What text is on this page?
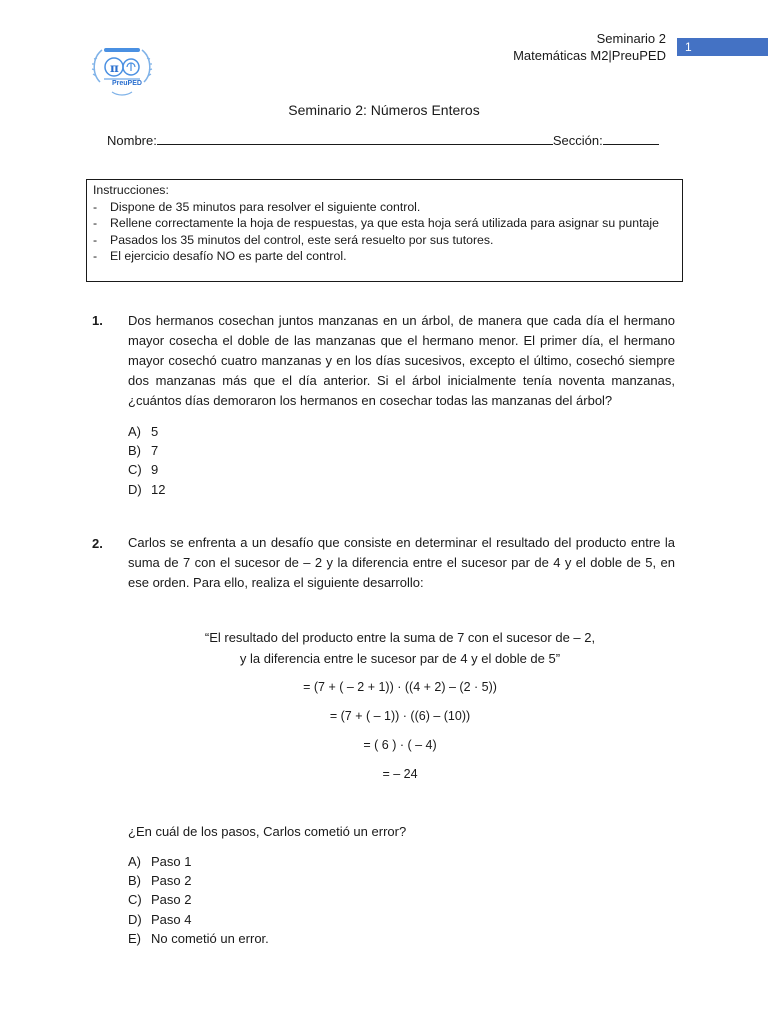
Seminario 2
Matemáticas M2|PreuPED
1
π
PreuPED
Seminario 2: Números Enteros
Nombre:	Sección:
Instrucciones:
- Dispone de 35 minutos para resolver el siguiente control.
- Rellene correctamente la hoja de respuestas, ya que esta hoja será utilizada para asignar su puntaje
- Pasados los 35 minutos del control, este será resuelto por sus tutores.
- El ejercicio desafío NO es parte del control.
1. Dos hermanos cosechan juntos manzanas en un árbol, de manera que cada día el hermano mayor cosecha el doble de las manzanas que el hermano menor. El primer día, el hermano mayor cosechó cuatro manzanas y en los días sucesivos, excepto el último, cosechó siempre dos manzanas más que el día anterior. Si el árbol inicialmente tenía noventa manzanas, ¿cuántos días demoraron los hermanos en cosechar todas las manzanas del árbol?
A) 5
B) 7
C) 9
D) 12
2. Carlos se enfrenta a un desafío que consiste en determinar el resultado del producto entre la suma de 7 con el sucesor de – 2 y la diferencia entre el sucesor par de 4 y el doble de 5, en ese orden. Para ello, realiza el siguiente desarrollo:
“El resultado del producto entre la suma de 7 con el sucesor de – 2,
y la diferencia entre le sucesor par de 4 y el doble de 5”
= (7 + ( – 2 + 1)) · ((4 + 2) – (2 · 5))
= (7 + ( – 1)) · ((6) – (10))
= ( 6 ) · ( – 4)
= – 24
¿En cuál de los pasos, Carlos cometió un error?
A) Paso 1
B) Paso 2
C) Paso 2
D) Paso 4
E) No cometió un error.
